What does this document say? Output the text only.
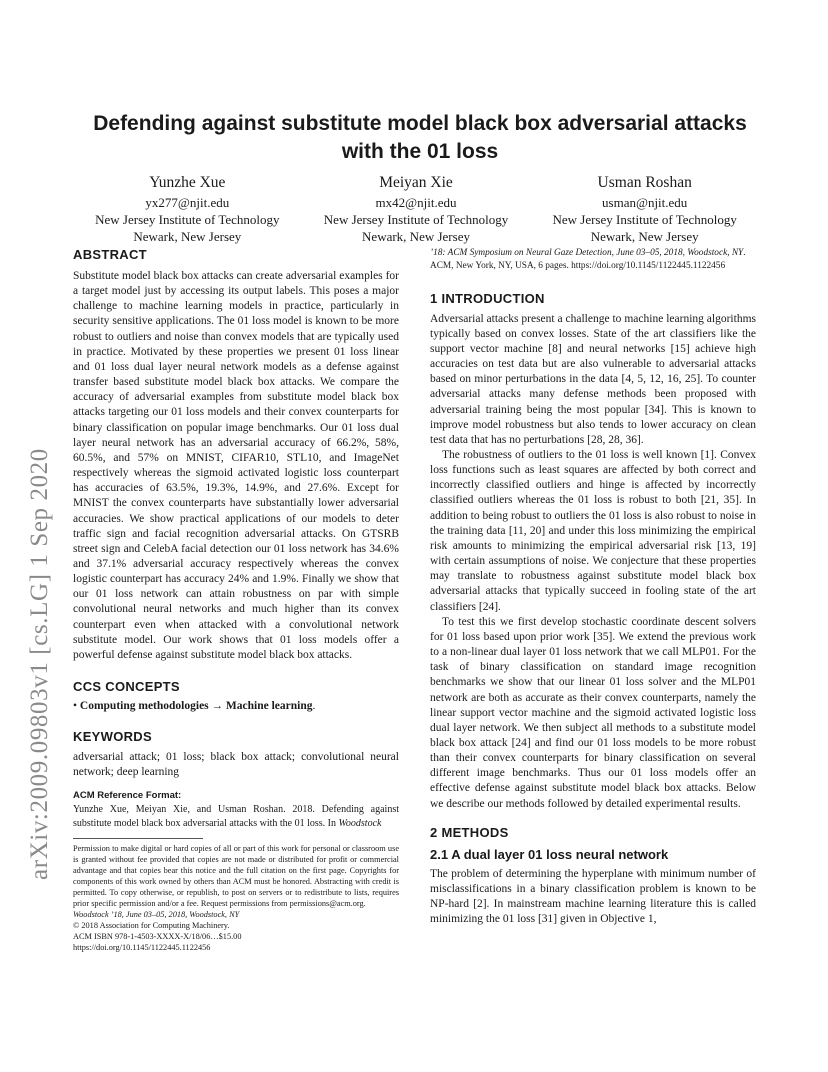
arXiv:2009.09803v1 [cs.LG] 1 Sep 2020
Defending against substitute model black box adversarial attacks with the 01 loss
Yunzhe Xue
yx277@njit.edu
New Jersey Institute of Technology
Newark, New Jersey
Meiyan Xie
mx42@njit.edu
New Jersey Institute of Technology
Newark, New Jersey
Usman Roshan
usman@njit.edu
New Jersey Institute of Technology
Newark, New Jersey
ABSTRACT

Substitute model black box attacks can create adversarial examples for a target model just by accessing its output labels. This poses a major challenge to machine learning models in practice, particularly in security sensitive applications. The 01 loss model is known to be more robust to outliers and noise than convex models that are typically used in practice. Motivated by these properties we present 01 loss linear and 01 loss dual layer neural network models as a defense against transfer based substitute model black box attacks. We compare the accuracy of adversarial examples from substitute model black box attacks targeting our 01 loss models and their convex counterparts for binary classification on popular image benchmarks. Our 01 loss dual layer neural network has an adversarial accuracy of 66.2%, 58%, 60.5%, and 57% on MNIST, CIFAR10, STL10, and ImageNet respectively whereas the sigmoid activated logistic loss counterpart has accuracies of 63.5%, 19.3%, 14.9%, and 27.6%. Except for MNIST the convex counterparts have substantially lower adversarial accuracies. We show practical applications of our models to deter traffic sign and facial recognition adversarial attacks. On GTSRB street sign and CelebA facial detection our 01 loss network has 34.6% and 37.1% adversarial accuracy respectively whereas the convex logistic counterpart has accuracy 24% and 1.9%. Finally we show that our 01 loss network can attain robustness on par with simple convolutional neural networks and much higher than its convex counterpart even when attacked with a convolutional network substitute model. Our work shows that 01 loss models offer a powerful defense against substitute model black box attacks.

CCS CONCEPTS

• Computing methodologies → Machine learning.

KEYWORDS

adversarial attack; 01 loss; black box attack; convolutional neural network; deep learning

ACM Reference Format:

Yunzhe Xue, Meiyan Xie, and Usman Roshan. 2018. Defending against substitute model black box adversarial attacks with the 01 loss. In Woodstock

Permission to make digital or hard copies of all or part of this work for personal or classroom use is granted without fee provided that copies are not made or distributed for profit or commercial advantage and that copies bear this notice and the full citation on the first page. Copyrights for components of this work owned by others than ACM must be honored. Abstracting with credit is permitted. To copy otherwise, or republish, to post on servers or to redistribute to lists, requires prior specific permission and/or a fee. Request permissions from permissions@acm.org.

Woodstock ’18, June 03–05, 2018, Woodstock, NY

© 2018 Association for Computing Machinery.

ACM ISBN 978-1-4503-XXXX-X/18/06…$15.00

https://doi.org/10.1145/1122445.1122456

’18: ACM Symposium on Neural Gaze Detection, June 03–05, 2018, Woodstock, NY. ACM, New York, NY, USA, 6 pages. https://doi.org/10.1145/1122445.1122456

1 INTRODUCTION

Adversarial attacks present a challenge to machine learning algorithms typically based on convex losses. State of the art classifiers like the support vector machine [8] and neural networks [15] achieve high accuracies on test data but are also vulnerable to adversarial attacks based on minor perturbations in the data [4, 5, 12, 16, 25]. To counter adversarial attacks many defense methods been proposed with adversarial training being the most popular [34]. This is known to improve model robustness but also tends to lower accuracy on clean test data that has no perturbations [28, 28, 36].

The robustness of outliers to the 01 loss is well known [1]. Convex loss functions such as least squares are affected by both correct and incorrectly classified outliers and hinge is affected by incorrectly classified outliers whereas the 01 loss is robust to both [21, 35]. In addition to being robust to outliers the 01 loss is also robust to noise in the training data [11, 20] and under this loss minimizing the empirical risk amounts to minimizing the empirical adversarial risk [13, 19] with certain assumptions of noise. We conjecture that these properties may translate to robustness against substitute model black box adversarial attacks that typically succeed in fooling state of the art classifiers [24].

To test this we first develop stochastic coordinate descent solvers for 01 loss based upon prior work [35]. We extend the previous work to a non-linear dual layer 01 loss network that we call MLP01. For the task of binary classification on standard image recognition benchmarks we show that our linear 01 loss solver and the MLP01 network are both as accurate as their convex counterparts, namely the linear support vector machine and the sigmoid activated logistic loss dual layer network. We then subject all methods to a substitute model black box attack [24] and find our 01 loss models to be more robust than their convex counterparts for binary classification on several different image benchmarks. Thus our 01 loss models offer an effective defense against substitute model black box attacks. Below we describe our methods followed by detailed experimental results.

2 METHODS
2.1 A dual layer 01 loss neural network

The problem of determining the hyperplane with minimum number of misclassifications in a binary classification problem is known to be NP-hard [2]. In mainstream machine learning literature this is called minimizing the 01 loss [31] given in Objective 1,
